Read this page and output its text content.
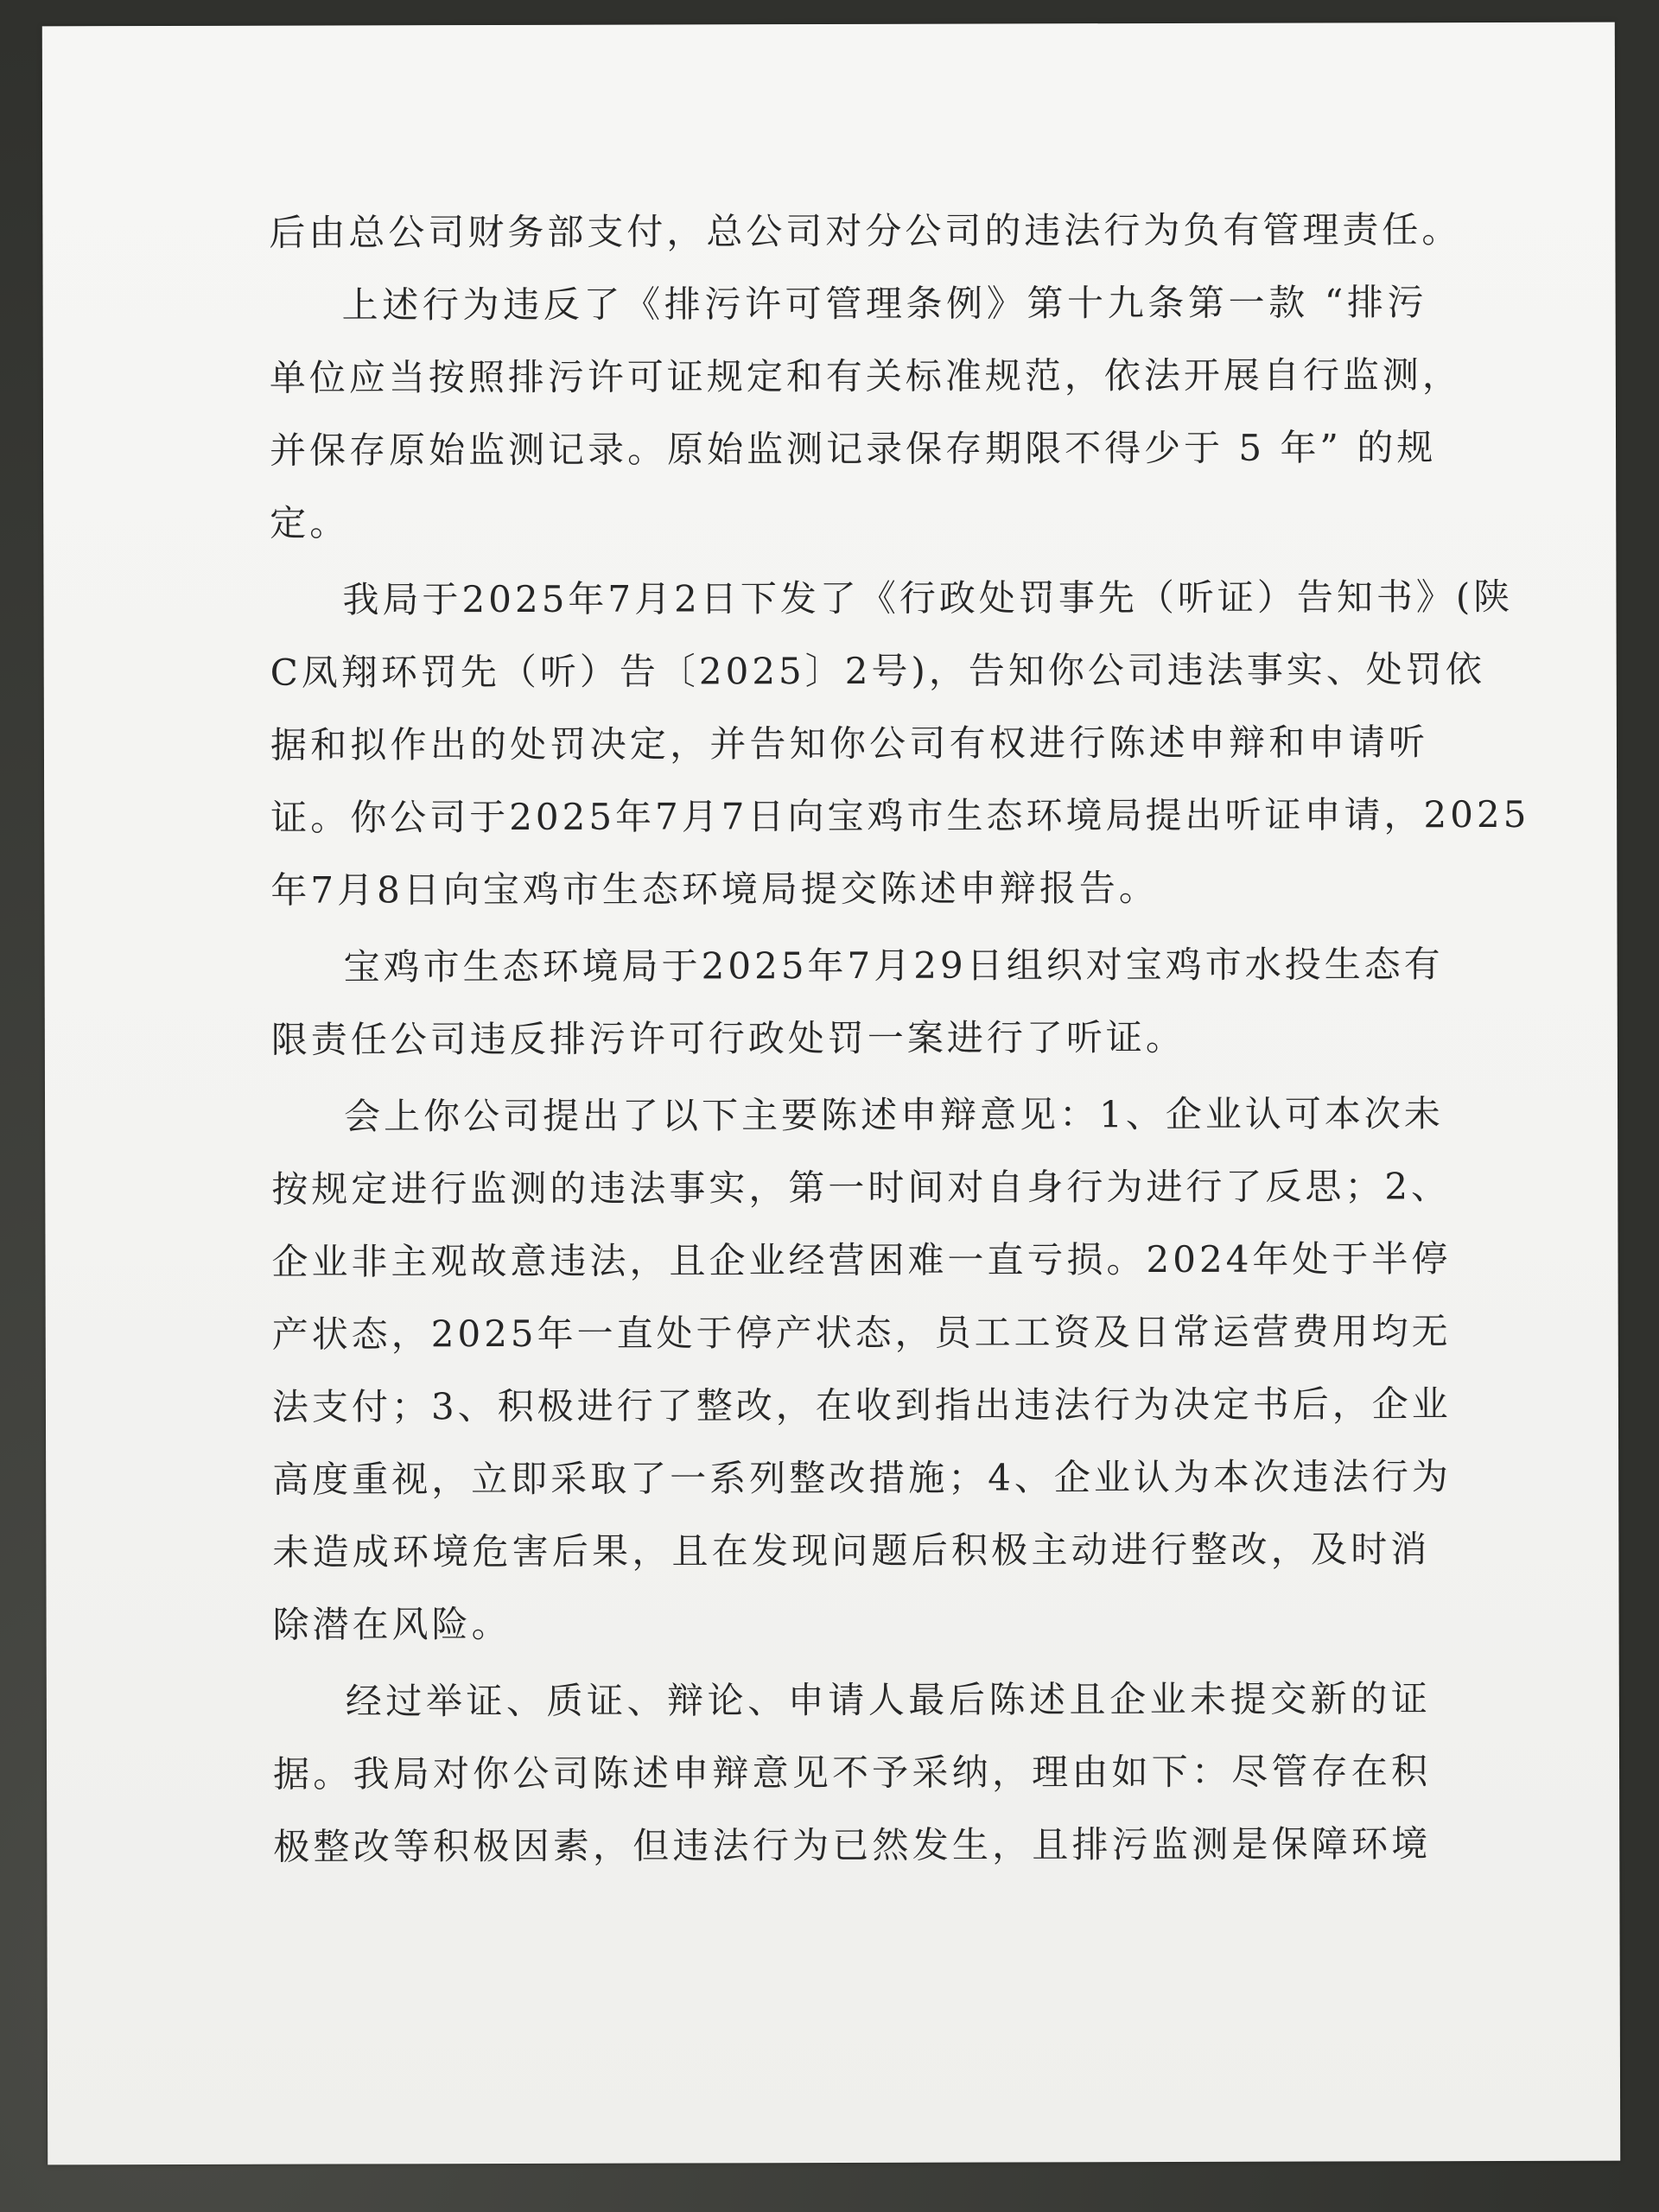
后由总公司财务部支付，总公司对分公司的违法行为负有管理责任。
上述行为违反了《排污许可管理条例》第十九条第一款 “排污
单位应当按照排污许可证规定和有关标准规范，依法开展自行监测，
并保存原始监测记录。原始监测记录保存期限不得少于 5 年” 的规
定。
我局于2025年7月2日下发了《行政处罚事先（听证）告知书》(陕
C凤翔环罚先（听）告〔2025〕2号)，告知你公司违法事实、处罚依
据和拟作出的处罚决定，并告知你公司有权进行陈述申辩和申请听
证。你公司于2025年7月7日向宝鸡市生态环境局提出听证申请，2025
年7月8日向宝鸡市生态环境局提交陈述申辩报告。
宝鸡市生态环境局于2025年7月29日组织对宝鸡市水投生态有
限责任公司违反排污许可行政处罚一案进行了听证。
会上你公司提出了以下主要陈述申辩意见：1、企业认可本次未
按规定进行监测的违法事实，第一时间对自身行为进行了反思；2、
企业非主观故意违法，且企业经营困难一直亏损。2024年处于半停
产状态，2025年一直处于停产状态，员工工资及日常运营费用均无
法支付；3、积极进行了整改，在收到指出违法行为决定书后，企业
高度重视，立即采取了一系列整改措施；4、企业认为本次违法行为
未造成环境危害后果，且在发现问题后积极主动进行整改，及时消
除潜在风险。
经过举证、质证、辩论、申请人最后陈述且企业未提交新的证
据。我局对你公司陈述申辩意见不予采纳，理由如下：尽管存在积
极整改等积极因素，但违法行为已然发生，且排污监测是保障环境
